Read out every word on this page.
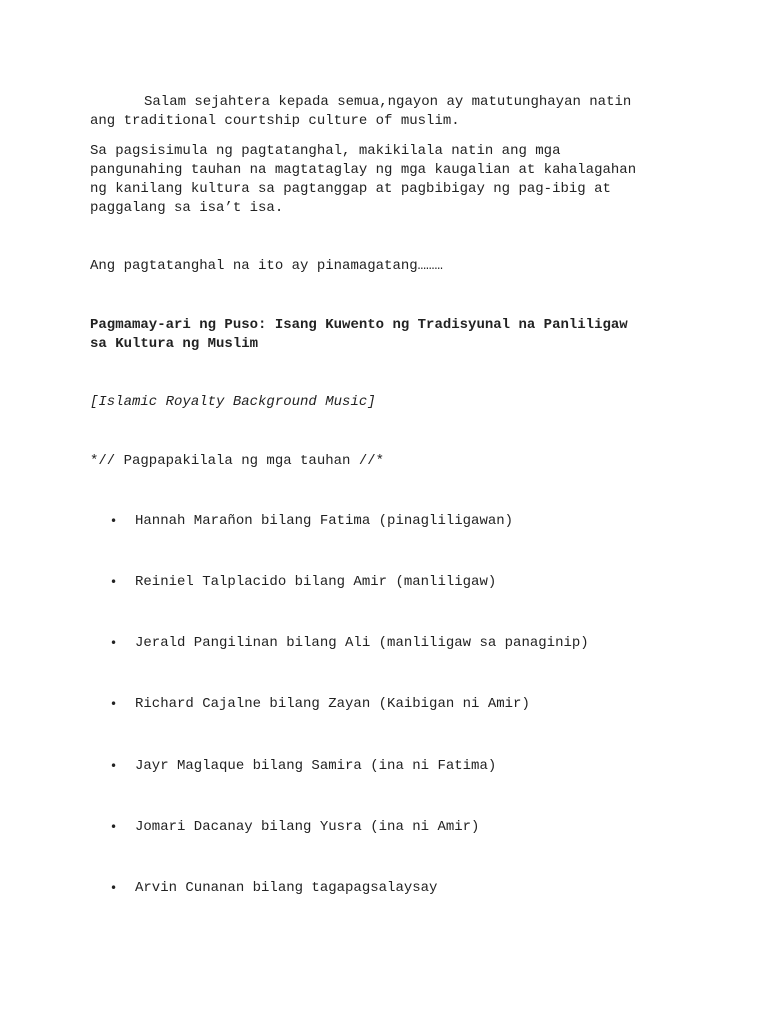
Salam sejahtera kepada semua,ngayon ay matutunghayan natin
ang traditional courtship culture of muslim.

Sa pagsisimula ng pagtatanghal, makikilala natin ang mga
pangunahing tauhan na magtataglay ng mga kaugalian at kahalagahan
ng kanilang kultura sa pagtanggap at pagbibigay ng pag-ibig at
paggalang sa isa’t isa.

Ang pagtatanghal na ito ay pinamagatang………

Pagmamay-ari ng Puso: Isang Kuwento ng Tradisyunal na Panliligaw
sa Kultura ng Muslim

[Islamic Royalty Background Music]

*// Pagpapakilala ng mga tauhan //*

•	Hannah Marañon bilang Fatima (pinagliligawan)
•	Reiniel Talplacido bilang Amir (manliligaw)
•	Jerald Pangilinan bilang Ali (manliligaw sa panaginip)
•	Richard Cajalne bilang Zayan (Kaibigan ni Amir)
•	Jayr Maglaque bilang Samira (ina ni Fatima)
•	Jomari Dacanay bilang Yusra (ina ni Amir)
•	Arvin Cunanan bilang tagapagsalaysay
